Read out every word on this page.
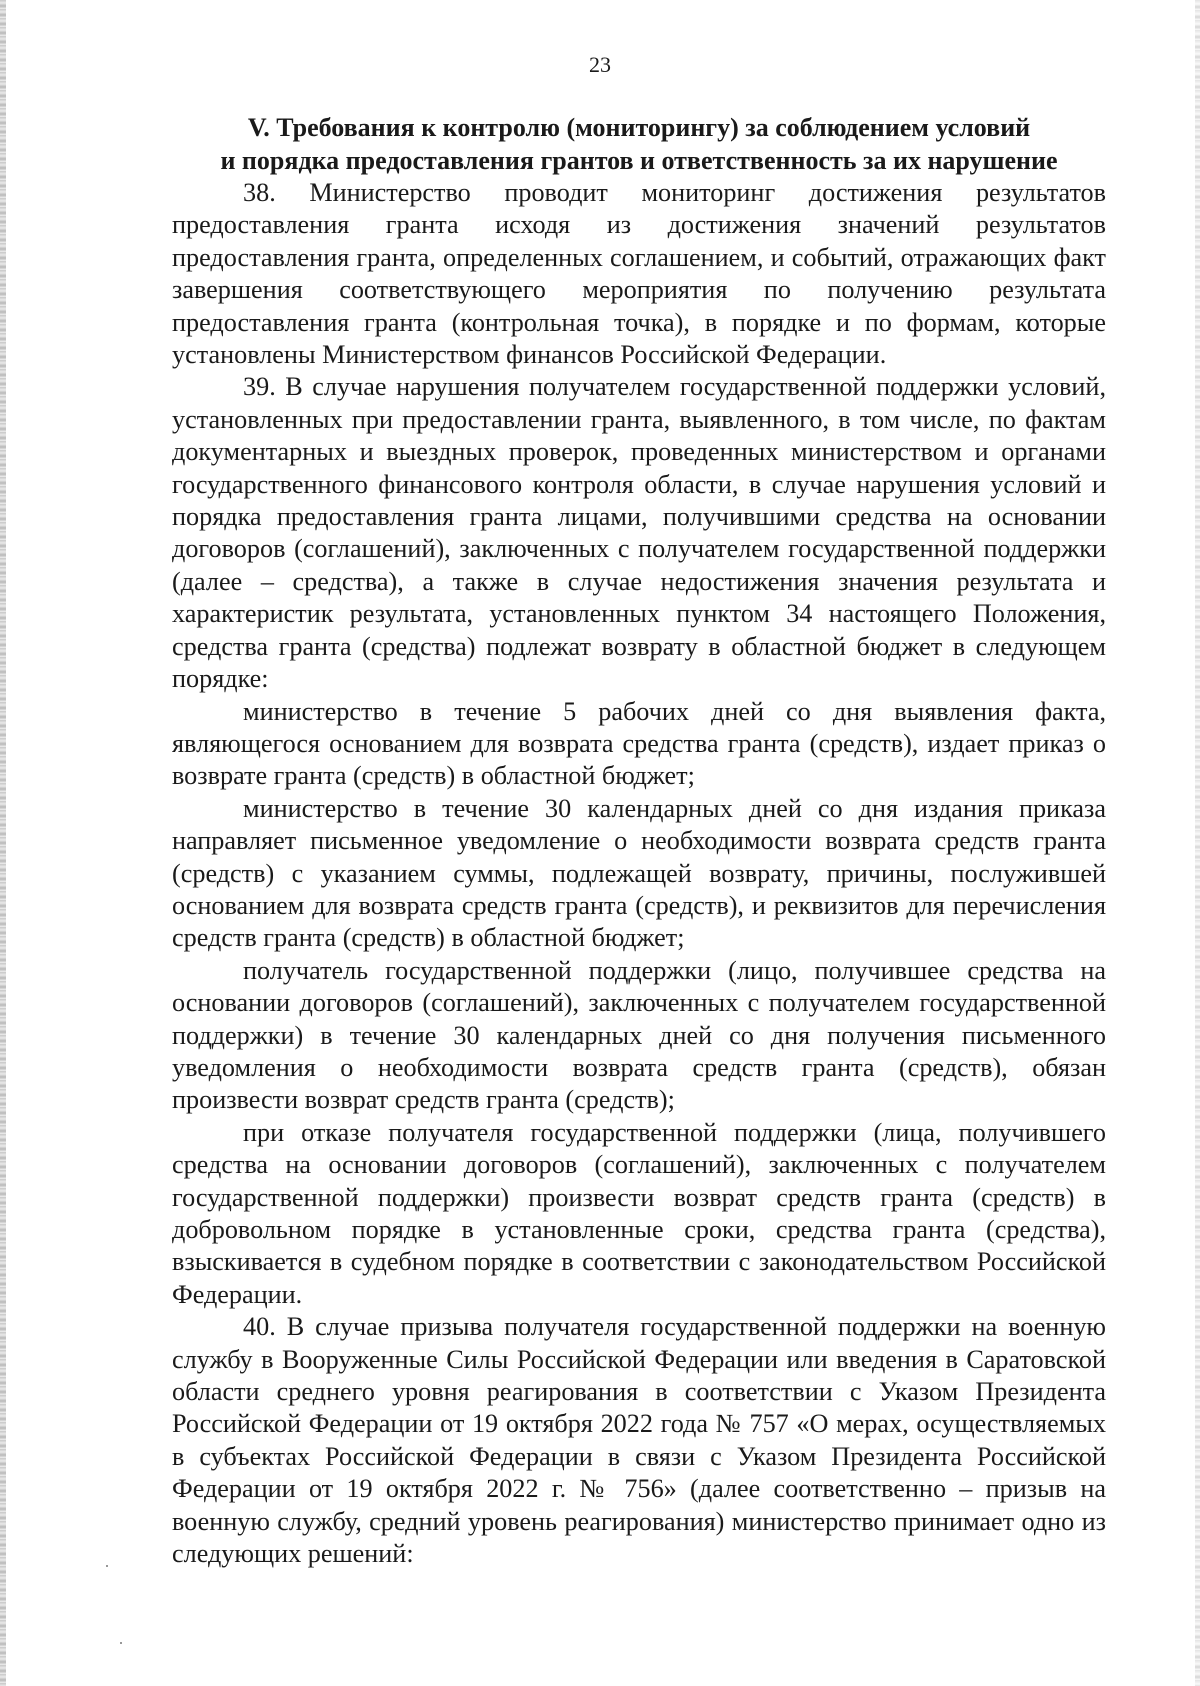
23
V. Требования к контролю (мониторингу) за соблюдением условий
и порядка предоставления грантов и ответственность за их нарушение

38. Министерство проводит мониторинг достижения результатов предоставления гранта исходя из достижения значений результатов предоставления гранта, определенных соглашением, и событий, отражающих факт завершения соответствующего мероприятия по получению результата предоставления гранта (контрольная точка), в порядке и по формам, которые установлены Министерством финансов Российской Федерации.

39. В случае нарушения получателем государственной поддержки условий, установленных при предоставлении гранта, выявленного, в том числе, по фактам документарных и выездных проверок, проведенных министерством и органами государственного финансового контроля области, в случае нарушения условий и порядка предоставления гранта лицами, получившими средства на основании договоров (соглашений), заключенных с получателем государственной поддержки (далее – средства), а также в случае недостижения значения результата и характеристик результата, установленных пунктом 34 настоящего Положения, средства гранта (средства) подлежат возврату в областной бюджет в следующем порядке:

министерство в течение 5 рабочих дней со дня выявления факта, являющегося основанием для возврата средства гранта (средств), издает приказ о возврате гранта (средств) в областной бюджет;

министерство в течение 30 календарных дней со дня издания приказа направляет письменное уведомление о необходимости возврата средств гранта (средств) с указанием суммы, подлежащей возврату, причины, послужившей основанием для возврата средств гранта (средств), и реквизитов для перечисления средств гранта (средств) в областной бюджет;

получатель государственной поддержки (лицо, получившее средства на основании договоров (соглашений), заключенных с получателем государственной поддержки) в течение 30 календарных дней со дня получения письменного уведомления о необходимости возврата средств гранта (средств), обязан произвести возврат средств гранта (средств);

при отказе получателя государственной поддержки (лица, получившего средства на основании договоров (соглашений), заключенных с получателем государственной поддержки) произвести возврат средств гранта (средств) в добровольном порядке в установленные сроки, средства гранта (средства), взыскивается в судебном порядке в соответствии с законодательством Российской Федерации.

40. В случае призыва получателя государственной поддержки на военную службу в Вооруженные Силы Российской Федерации или введения в Саратовской области среднего уровня реагирования в соответствии с Указом Президента Российской Федерации от 19 октября 2022 года № 757 «О мерах, осуществляемых в субъектах Российской Федерации в связи с Указом Президента Российской Федерации от 19 октября 2022 г. № 756» (далее соответственно – призыв на военную службу, средний уровень реагирования) министерство принимает одно из следующих решений:
